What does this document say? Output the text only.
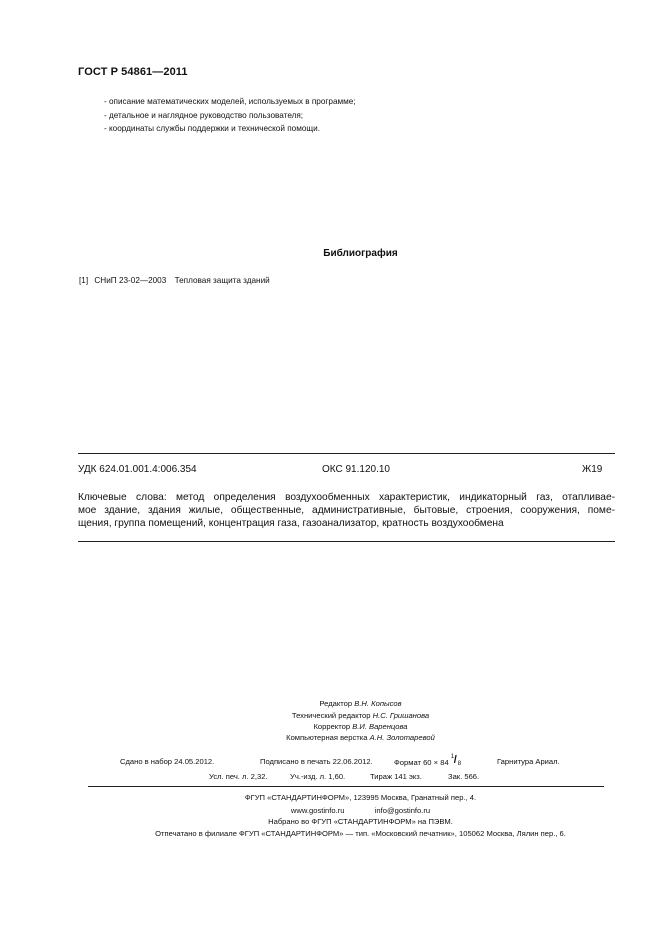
ГОСТ Р 54861—2011
- описание математических моделей, используемых в программе;
- детальное и наглядное руководство пользователя;
- координаты службы поддержки и технической помощи.
Библиография
[1] СНиП 23-02—2003 Тепловая защита зданий
УДК 624.01.001.4:006.354	ОКС 91.120.10	Ж19
Ключевые слова: метод определения воздухообменных характеристик, индикаторный газ, отапливае-
мое здание, здания жилые, общественные, административные, бытовые, строения, сооружения, поме-
щения, группа помещений, концентрация газа, газоанализатор, кратность воздухообмена
Редактор В.Н. Копысов
Технический редактор Н.С. Гришанова
Корректор В.И. Варенцова
Компьютерная верстка А.Н. Золотаревой
Сдано в набор 24.05.2012.	Подписано в печать 22.06.2012.	Формат 60 × 84
1 / 8	Гарнитура Ариал.
Усл. печ. л. 2,32.	Уч.-изд. л. 1,60.	Тираж 141 экз.	Зак. 566.
ФГУП «СТАНДАРТИНФОРМ», 123995 Москва, Гранатный пер., 4.
www.gostinfo.ru	info@gostinfo.ru
Набрано во ФГУП «СТАНДАРТИНФОРМ» на ПЭВМ.
Отпечатано в филиале ФГУП «СТАНДАРТИНФОРМ» — тип. «Московский печатник», 105062 Москва, Лялин пер., 6.
